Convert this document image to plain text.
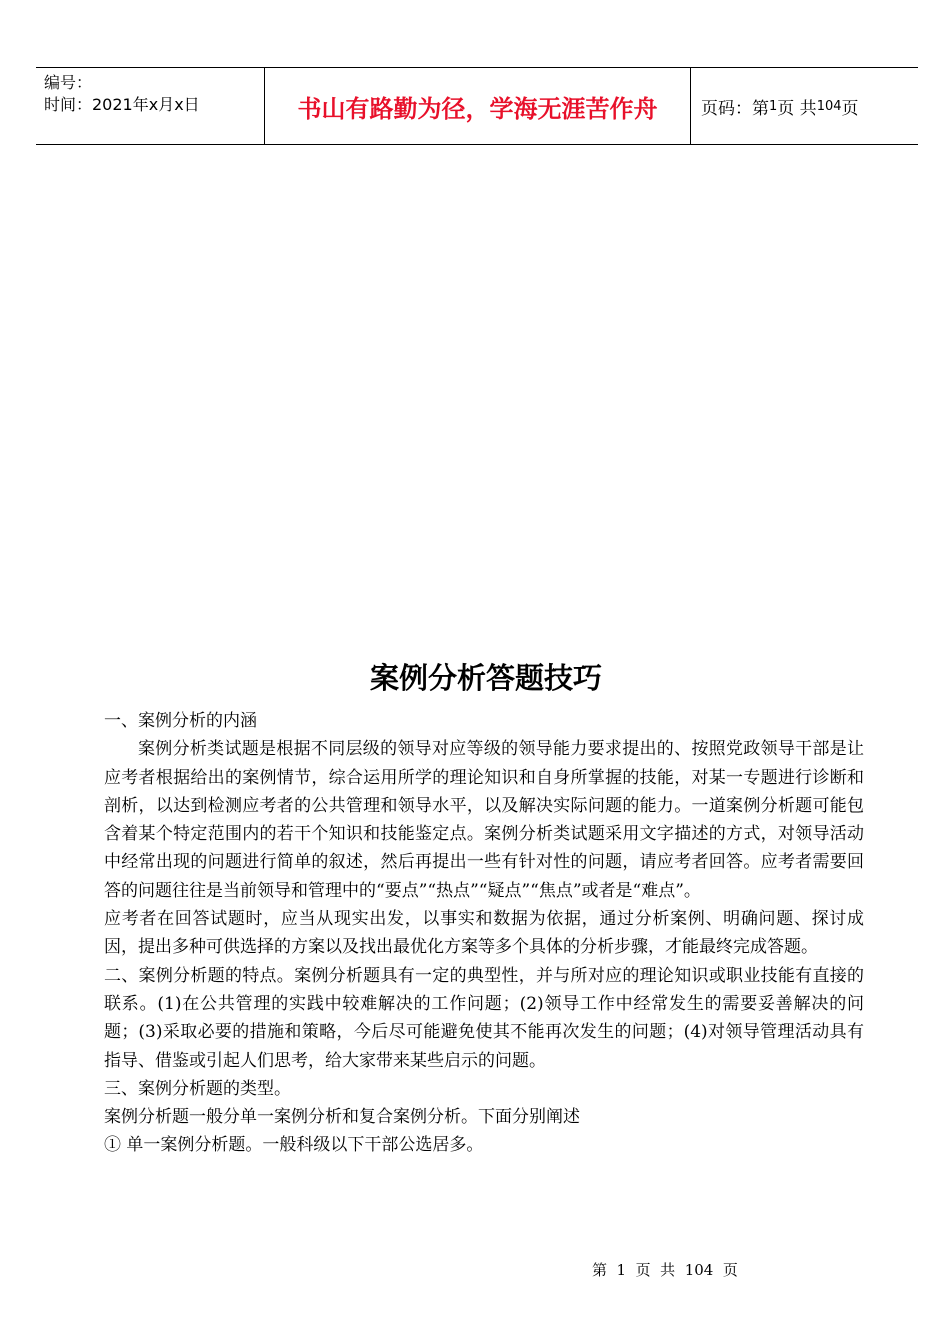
编号：
时间：2021年x月x日	书山有路勤为径，学海无涯苦作舟	页码：第 1 页 共 104 页
案例分析答题技巧

一、案例分析的内涵

案例分析类试题是根据不同层级的领导对应等级的领导能力要求提出的、按照党政领导干部是让应考者根据给出的案例情节，综合运用所学的理论知识和自身所掌握的技能，对某一专题进行诊断和剖析，以达到检测应考者的公共管理和领导水平，以及解决实际问题的能力。一道案例分析题可能包含着某个特定范围内的若干个知识和技能鉴定点。案例分析类试题采用文字描述的方式，对领导活动中经常出现的问题进行简单的叙述，然后再提出一些有针对性的问题，请应考者回答。应考者需要回答的问题往往是当前领导和管理中的“要点”“热点”“疑点”“焦点”或者是“难点”。

应考者在回答试题时，应当从现实出发，以事实和数据为依据，通过分析案例、明确问题、探讨成因，提出多种可供选择的方案以及找出最优化方案等多个具体的分析步骤，才能最终完成答题。

二、案例分析题的特点。案例分析题具有一定的典型性，并与所对应的理论知识或职业技能有直接的联系。(1)在公共管理的实践中较难解决的工作问题；(2)领导工作中经常发生的需要妥善解决的问题；(3)采取必要的措施和策略，今后尽可能避免使其不能再次发生的问题；(4)对领导管理活动具有指导、借鉴或引起人们思考，给大家带来某些启示的问题。

三、案例分析题的类型。

案例分析题一般分单一案例分析和复合案例分析。下面分别阐述

① 单一案例分析题。一般科级以下干部公选居多。

第  1  页  共  104  页
